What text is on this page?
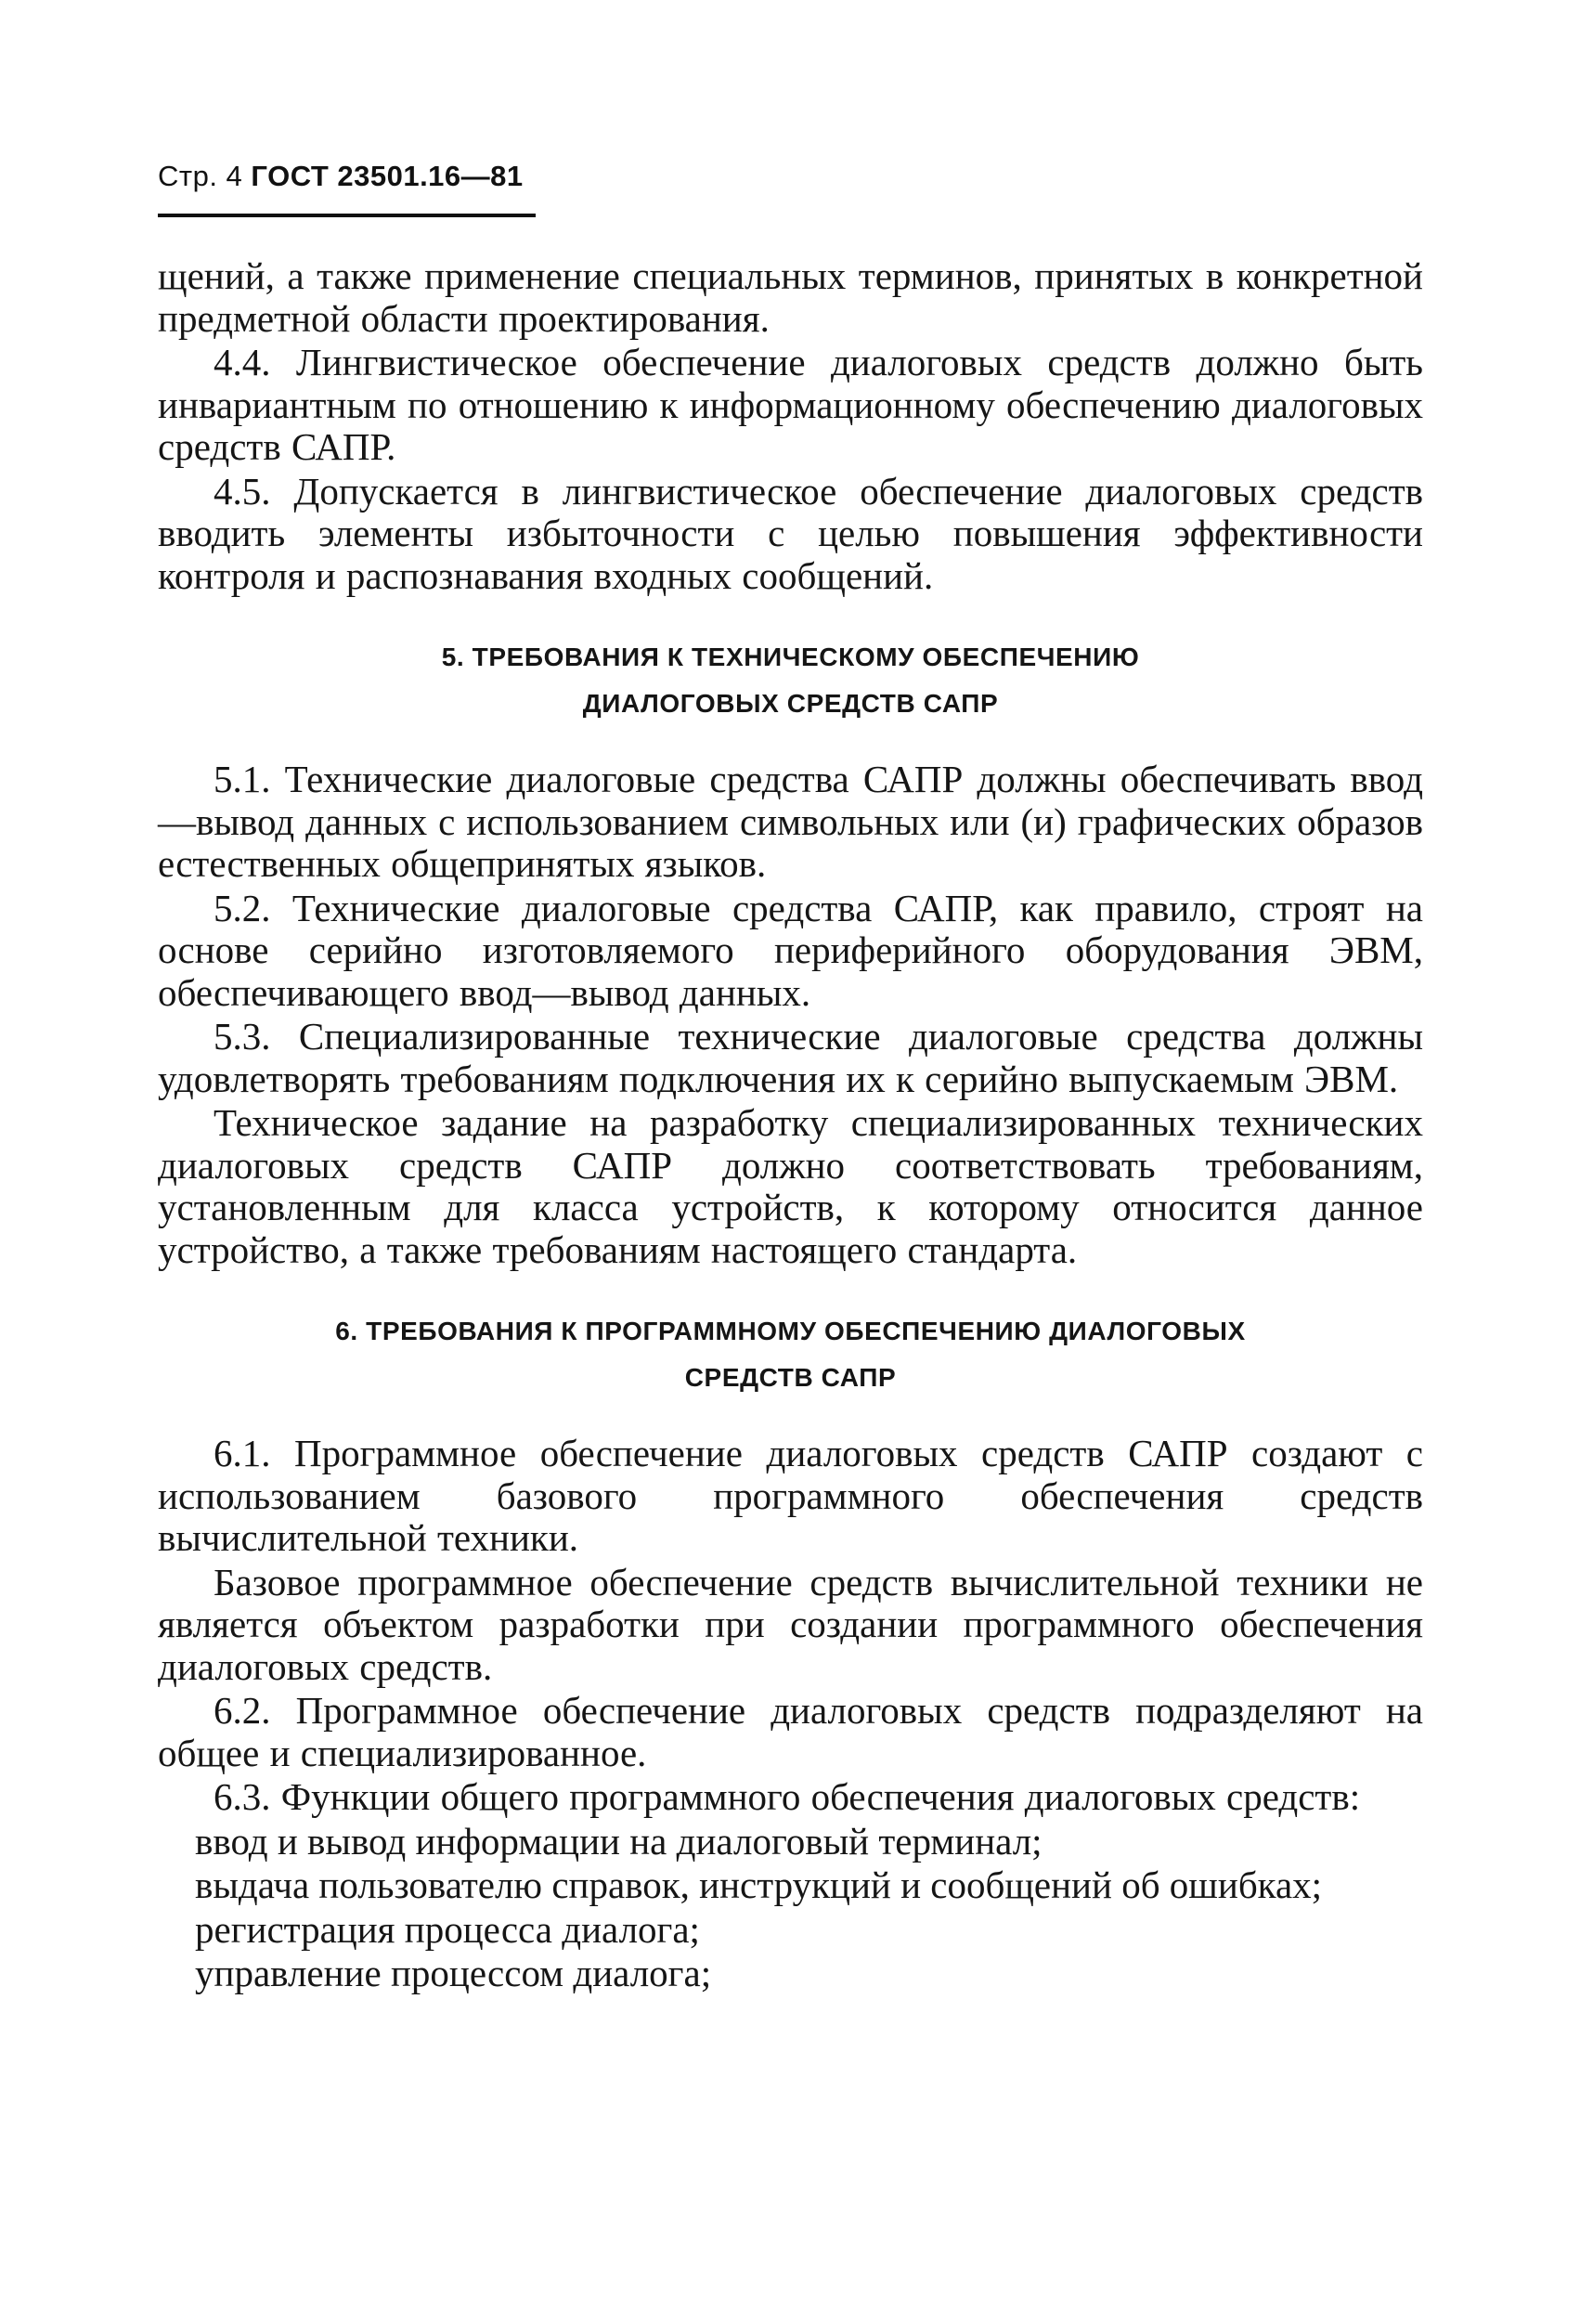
Стр. 4 ГОСТ 23501.16—81

щений, а также применение специальных терминов, принятых в конкретной предметной области проектирования.

4.4. Лингвистическое обеспечение диалоговых средств должно быть инвариантным по отношению к информационному обеспечению диалоговых средств САПР.

4.5. Допускается в лингвистическое обеспечение диалоговых средств вводить элементы избыточности с целью повышения эффективности контроля и распознавания входных сообщений.

5. ТРЕБОВАНИЯ К ТЕХНИЧЕСКОМУ ОБЕСПЕЧЕНИЮ
ДИАЛОГОВЫХ СРЕДСТВ САПР

5.1. Технические диалоговые средства САПР должны обеспечивать ввод—вывод данных с использованием символьных или (и) графических образов естественных общепринятых языков.

5.2. Технические диалоговые средства САПР, как правило, строят на основе серийно изготовляемого периферийного оборудования ЭВМ, обеспечивающего ввод—вывод данных.

5.3. Специализированные технические диалоговые средства должны удовлетворять требованиям подключения их к серийно выпускаемым ЭВМ.

Техническое задание на разработку специализированных технических диалоговых средств САПР должно соответствовать требованиям, установленным для класса устройств, к которому относится данное устройство, а также требованиям настоящего стандарта.

6. ТРЕБОВАНИЯ К ПРОГРАММНОМУ ОБЕСПЕЧЕНИЮ ДИАЛОГОВЫХ
СРЕДСТВ САПР

6.1. Программное обеспечение диалоговых средств САПР создают с использованием базового программного обеспечения средств вычислительной техники.

Базовое программное обеспечение средств вычислительной техники не является объектом разработки при создании программного обеспечения диалоговых средств.

6.2. Программное обеспечение диалоговых средств подразделяют на общее и специализированное.

6.3. Функции общего программного обеспечения диалоговых средств:

ввод и вывод информации на диалоговый терминал;

выдача пользователю справок, инструкций и сообщений об ошибках;

регистрация процесса диалога;

управление процессом диалога;
